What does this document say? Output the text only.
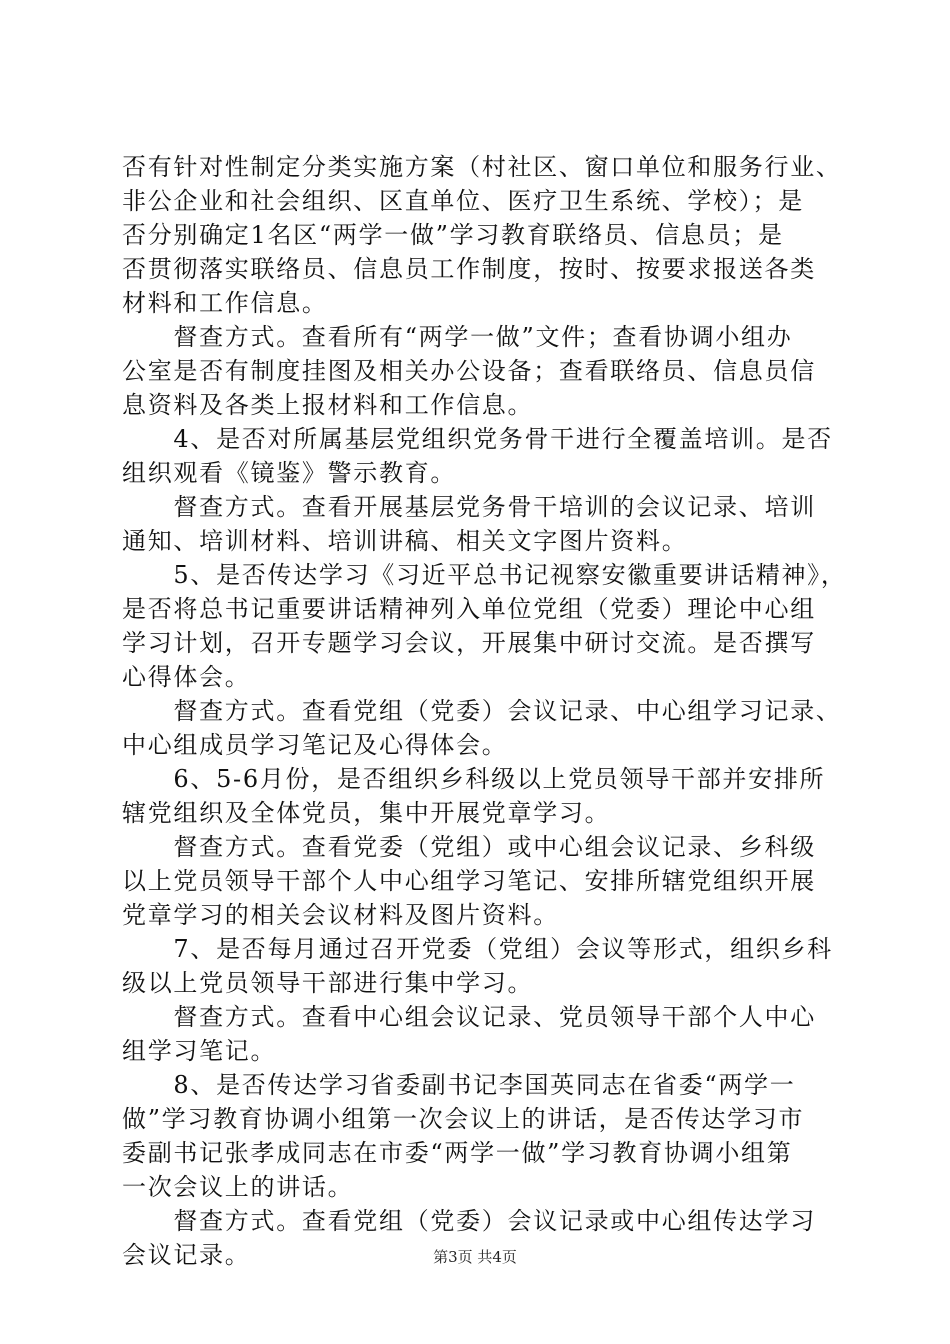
否有针对性制定分类实施方案（村社区、窗口单位和服务行业、

非公企业和社会组织、区直单位、医疗卫生系统、学校）；是

否分别确定1名区“两学一做”学习教育联络员、信息员；是

否贯彻落实联络员、信息员工作制度，按时、按要求报送各类

材料和工作信息。

　　督查方式。查看所有“两学一做”文件；查看协调小组办

公室是否有制度挂图及相关办公设备；查看联络员、信息员信

息资料及各类上报材料和工作信息。

　　4、是否对所属基层党组织党务骨干进行全覆盖培训。是否

组织观看《镜鉴》警示教育。

　　督查方式。查看开展基层党务骨干培训的会议记录、培训

通知、培训材料、培训讲稿、相关文字图片资料。

　　5、是否传达学习《习近平总书记视察安徽重要讲话精神》，

是否将总书记重要讲话精神列入单位党组（党委）理论中心组

学习计划，召开专题学习会议，开展集中研讨交流。是否撰写

心得体会。

　　督查方式。查看党组（党委）会议记录、中心组学习记录、

中心组成员学习笔记及心得体会。

　　6、5-6月份，是否组织乡科级以上党员领导干部并安排所

辖党组织及全体党员，集中开展党章学习。

　　督查方式。查看党委（党组）或中心组会议记录、乡科级

以上党员领导干部个人中心组学习笔记、安排所辖党组织开展

党章学习的相关会议材料及图片资料。

　　7、是否每月通过召开党委（党组）会议等形式，组织乡科

级以上党员领导干部进行集中学习。

　　督查方式。查看中心组会议记录、党员领导干部个人中心

组学习笔记。

　　8、是否传达学习省委副书记李国英同志在省委“两学一

做”学习教育协调小组第一次会议上的讲话，是否传达学习市

委副书记张孝成同志在市委“两学一做”学习教育协调小组第

一次会议上的讲话。

　　督查方式。查看党组（党委）会议记录或中心组传达学习

会议记录。	第3页 共4页
